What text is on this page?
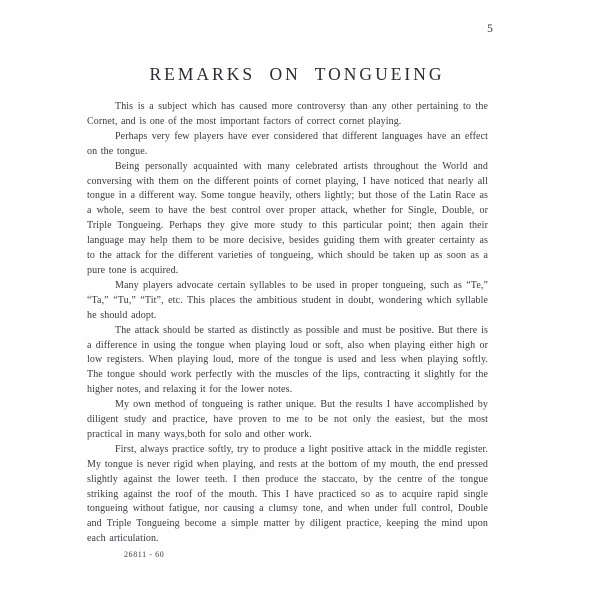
5
REMARKS ON TONGUEING

This is a subject which has caused more controversy than any other pertaining to the Cornet, and is one of the most important factors of correct cornet playing.

Perhaps very few players have ever considered that different languages have an effect on the tongue.

Being personally acquainted with many celebrated artists throughout the World and conversing with them on the different points of cornet playing, I have noticed that nearly all tongue in a different way. Some tongue heavily, others lightly; but those of the Latin Race as a whole, seem to have the best control over proper attack, whether for Single, Double, or Triple Tongueing. Perhaps they give more study to this particular point; then again their language may help them to be more decisive, besides guiding them with greater certainty as to the attack for the different varieties of tongueing, which should be taken up as soon as a pure tone is acquired.

Many players advocate certain syllables to be used in proper tongueing, such as “Te,” “Ta,” “Tu,” “Tit”, etc. This places the ambitious student in doubt, wondering which syllable he should adopt.

The attack should be started as distinctly as possible and must be positive. But there is a difference in using the tongue when playing loud or soft, also when playing either high or low registers. When playing loud, more of the tongue is used and less when playing softly. The tongue should work perfectly with the muscles of the lips, contracting it slightly for the higher notes, and relaxing it for the lower notes.

My own method of tongueing is rather unique. But the results I have accomplished by diligent study and practice, have proven to me to be not only the easiest, but the most practical in many ways,both for solo and other work.

First, always practice softly, try to produce a light positive attack in the middle register. My tongue is never rigid when playing, and rests at the bottom of my mouth, the end pressed slightly against the lower teeth. I then produce the staccato, by the centre of the tongue striking against the roof of the mouth. This I have practiced so as to acquire rapid single tongueing without fatigue, nor causing a clumsy tone, and when under full control, Double and Triple Tongueing become a simple matter by diligent practice, keeping the mind upon each articulation.

26811 - 60
